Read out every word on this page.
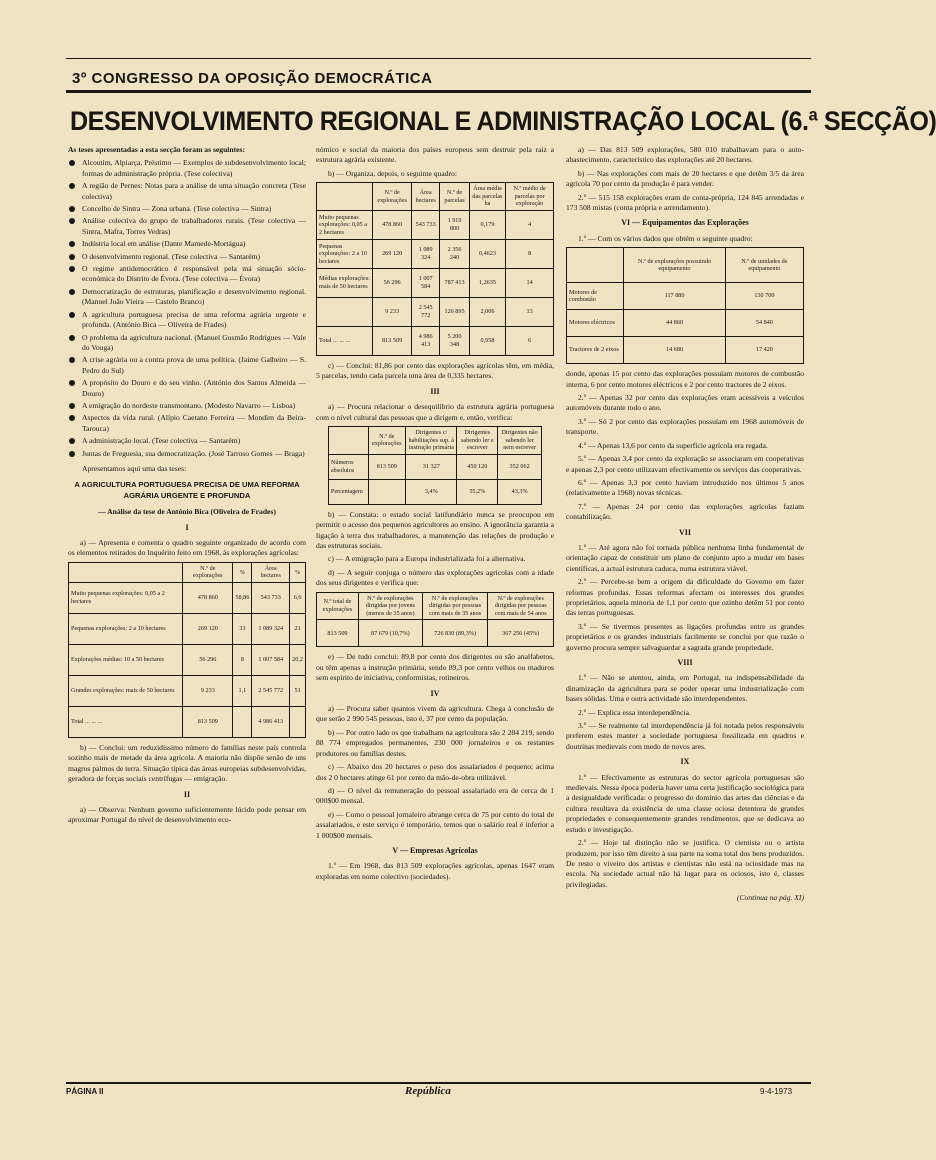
3º CONGRESSO DA OPOSIÇÃO DEMOCRÁTICA
DESENVOLVIMENTO REGIONAL E ADMINISTRAÇÃO LOCAL (6.ª SECÇÃO)

As teses apresentadas a esta secção foram as seguintes:

Alcoutim, Alpiarça, Préstimo — Exemplos de subdesenvolvimento local; formas de administração própria. (Tese colectiva)

A região de Pernes: Notas para a análise de uma situação concreta (Tese colectiva)

Concelho de Sintra — Zona urbana. (Tese colectiva — Sintra)

Análise colectiva do grupo de trabalhadores rurais. (Tese colectiva — Sintra, Mafra, Torres Vedras)

Indústria local em análise (Dante Mamede-Mortágua)

O desenvolvimento regional. (Tese colectiva — Santarém)

O regime antidemocrático é responsável pela má situação sócio-económica do Distrito de Évora. (Tese colectiva — Évora)

Democratização de estruturas, planificação e desenvolvimento regional. (Manuel João Vieira — Castelo Branco)

A agricultura portuguesa precisa de uma reforma agrária urgente e profunda. (António Bica — Oliveira de Frades)

O problema da agricultura nacional. (Manuel Gusmão Rodrigues — Vale do Vouga)

A crise agrária ou a contra prova de uma política. (Jaime Galheiro — S. Pedro do Sul)

A propósito do Douro e do seu vinho. (António dos Santos Almeida — Douro)

A emigração do nordeste transmontano. (Modesto Navarro — Lisboa)

Aspectos da vida rural. (Alípio Caetano Ferreira — Mondim da Beira-Tarouca)

A administração local. (Tese colectiva — Santarém)

Juntas de Freguesia, sua democratização. (José Tarroso Gomes — Braga)

Apresentamos aqui uma das teses:

A AGRICULTURA PORTUGUESA PRECISA DE UMA REFORMA AGRÁRIA URGENTE E PROFUNDA

— Análise da tese de António Bica (Oliveira de Frades)

I

a) — Apresenta e comenta o quadro seguinte organizado de acordo com os elementos retirados do Inquérito feito em 1968, às explorações agrícolas:

	N.º de explorações	%	Área hectares	%
Muito pequenas explorações: 0,05 a 2 hectares	478 860	58,86	543 733	6,6
Pequenas explorações: 2 a 10 hectares	269 120	33	1 089 324	21
Explorações médias: 10 a 50 hectares	56 296	8	1 007 584	20,2
Grandes explorações: mais de 50 hectares	9 233	1,1	2 545 772	51
Total ... ... ...	813 509		4 986 413	

b) — Conclui: um reduzidíssimo número de famílias neste país controla sozinho mais de metade da área agrícola. A maioria não dispõe senão de uns magros palmos de terra. Situação típica das áreas europeias subdesenvolvidas, geradora de forças sociais centrífugas — emigração.

II

a) — Observa: Nenhum governo suficientemente lúcido pode pensar em aproximar Portugal do nível de desenvolvimento eco-

nómico e social da maioria dos países europeus sem destruir pela raiz a estrutura agrária existente.

b) — Organiza, depois, o seguinte quadro:

	N.º de explorações	Área hectares	N.º de parcelas	Área média das parcelas ha	N.º médio de parcelas por exploração
Muito pequenas explorações: 0,05 a 2 hectares	478 860	543 733	1 919 800	0,179	4
Pequenas explorações: 2 a 10 hectares	269 120	1 089 324	2 356 240	0,4623	8
Médias explorações: mais de 50 hectares	56 296	1 007 584	787 413	1,2635	14
	9 233	2 545 772	126 895	2,006	13
Total ... ... ...	813 509	4 986 413	5 200 348	0,958	6

c) — Conclui: 81,86 por cento das explorações agrícolas têm, em média, 5 parcelas, tendo cada parcela uma área de 0,335 hectares.

III

a) — Procura relacionar o desequilíbrio da estrutura agrária portuguesa com o nível cultural das pessoas que a dirigem e, então, verifica:

	N.º de explorações	Dirigentes c/ habilitações sup. à instrução primária	Dirigentes sabendo ler e escrever	Dirigentes não sabendo ler nem escrever
Números absolutos	813 509	31 327	450 120	352 062
Percentagem		3,4%	55,2%	43,3%

b) — Constata: o estado social latifundiário nunca se preocupou em permitir o acesso dos pequenos agricultores ao ensino. A ignorância garantia a ligação à terra dos trabalhadores, a manutenção das relações de produção e das estruturas sociais.

c) — A emigração para a Europa industrializada foi a alternativa.

d) — A seguir conjuga o número das explorações agrícolas com a idade dos seus dirigentes e verifica que:

N.º total de explorações	N.º de explorações dirigidas por jovens (menos de 35 anos)	N.º de explorações dirigidas por pessoas com mais de 35 anos	N.º de explorações dirigidas por pessoas com mais de 54 anos
813 509	87 679 (10,7%)	726 830 (89,3%)	367 256 (45%)

e) — De tudo conclui: 89,8 por cento dos dirigentes ou são analfabetos, ou têm apenas a instrução primária, sendo 89,3 por cento velhos ou maduros sem espírito de iniciativa, conformistas, rotineiros.

IV

a) — Procura saber quantos vivem da agricultura. Chega à conclusão de que serão 2 990 545 pessoas, isto é, 37 por cento da população.

b) — Por outro lado os que trabalham na agricultura são 2 284 219, sendo 88 774 empregados permanentes, 230 000 jornaleiros e os restantes produtores ou famílias destes.

c) — Abaixo dos 20 hectares o peso dos assalariados é pequeno; acima dos 2 0 hectares atinge 61 por cento da mão-de-obra utilizável.

d) — O nível da remuneração do pessoal assalariado era de cerca de 1 000$00 mensal.

e) — Como o pessoal jornaleiro abrange cerca de 75 por cento do total de assalariados, e este serviço é temporário, temos que o salário real é inferior a 1 000$00 mensais.

V — Empresas Agrícolas

1.º — Em 1968, das 813 509 explorações agrícolas, apenas 1647 eram exploradas em nome colectivo (sociedades).

a) — Das 813 509 explorações, 580 010 trabalhavam para o auto-abastecimento, característico das explorações até 20 hectares.

b) — Nas explorações com mais de 20 hectares e que detêm 3/5 da área agrícola 70 por cento da produção é para vender.

2.º — 515 158 explorações eram de conta-própria, 124 845 arrendadas e 173 508 mistas (conta própria e arrendamento).

VI — Equipamentos das Explorações

1.º — Com os vários dados que obtém o seguinte quadro:

	N.º de explorações possuindo equipamento	N.º de unidades de equipamento
Motores de combustão	117 880	130 700
Motores eléctricos	44 860	54 840
Tractores de 2 eixos	14 680	17 420

donde, apenas 15 por cento das explorações possuíam motores de combustão interna, 6 por cento motores eléctricos e 2 por cento tractores de 2 eixos.

2.º — Apenas 32 por cento das explorações eram acessíveis a veículos automóveis durante todo o ano.

3.º — Só 2 por cento das explorações possuíam em 1968 automóveis de transporte.

4.º — Apenas 13,6 por cento da superfície agrícola era regada.

5.º — Apenas 3,4 por cento da exploração se associaram em cooperativas e apenas 2,3 por cento utilizavam efectivamente os serviços das cooperativas.

6.º — Apenas 3,3 por cento haviam introduzido nos últimos 5 anos (relativamente a 1968) novas técnicas.

7.º — Apenas 24 por cento das explorações agrícolas faziam contabilização.

VII

1.º — Até agora não foi tornada pública nenhuma linha fundamental de orientação capaz de constituir um plano de conjunto apto a mudar em bases científicas, a actual estrutura caduca, numa estrutura viável.

2.º — Percebe-se bem a origem da dificuldade do Governo em fazer reformas profundas. Essas reformas afectam os interesses dos grandes proprietários, aquela minoria de 1,1 por cento que ozinho detêm 51 por cento das terras portuguesas.

3.º — Se tivermos presentes as ligações profundas entre os grandes proprietários e os grandes industriais facilmente se conclui por que razão o governo procura sempre salvaguardar a sagrada grande propriedade.

VIII

1.º — Não se atentou, ainda, em Portugal, na indispensabilidade da dinamização da agricultura para se poder operar uma industrialização com bases sólidas. Uma e outra actividade são interdependentes.

2.º — Explica essa interdependência.

3.º — Se realmente tal interdependência já foi notada pelos responsáveis preferem estes manter a sociedade portuguesa fossilizada em quadros e doutrinas medievais com medo de novos ares.

IX

1.º — Efectivamente as estruturas do sector agrícola portuguesas são medievais. Nessa época poderia haver uma certa justificação sociológica para a desigualdade verificada: o progresso do domínio das artes das ciências e da cultura resultava da existência de uma classe ociosa detentora de grandes propriedades e consequentemente grandes rendimentos, que se dedicava ao estudo e investigação.

2.º — Hoje tal distinção não se justifica. O cientista ou o artista produzem, por isso têm direito à sua parte na soma total dos bens produzidos. De resto o viveiro dos artistas e cientistas não está na ociosidade mas na escola. Na sociedade actual não há lugar para os ociosos, isto é, classes privilegiadas.

(Continua na pág. XI)

PÁGINA II	República	9-4-1973
